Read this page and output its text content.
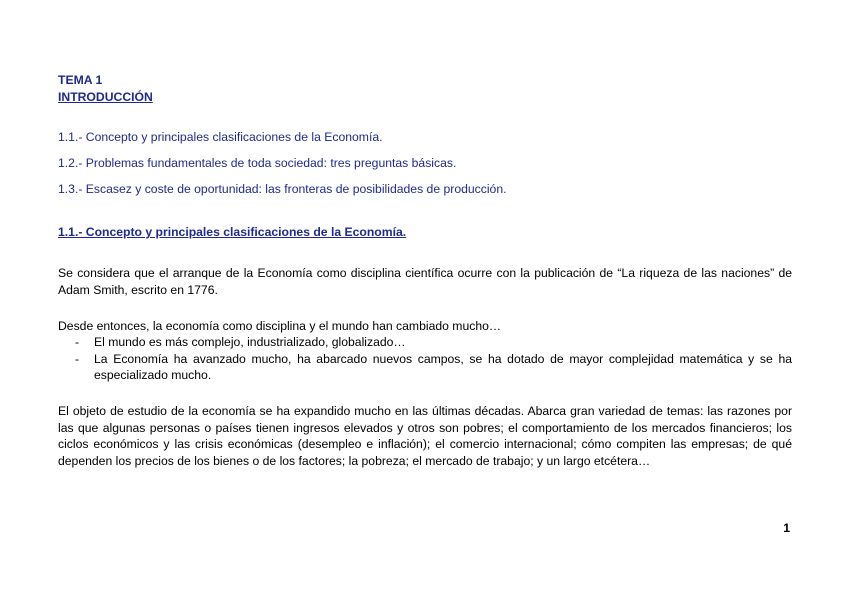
TEMA 1
INTRODUCCIÓN
1.1.- Concepto y principales clasificaciones de la Economía.
1.2.- Problemas fundamentales de toda sociedad: tres preguntas básicas.
1.3.- Escasez y coste de oportunidad: las fronteras de posibilidades de producción.
1.1.- Concepto y principales clasificaciones de la Economía.
Se considera que el arranque de la Economía como disciplina científica ocurre con la publicación de “La riqueza de las naciones” de Adam Smith, escrito en 1776.
Desde entonces, la economía como disciplina y el mundo han cambiado mucho…
- El mundo es más complejo, industrializado, globalizado…
- La Economía ha avanzado mucho, ha abarcado nuevos campos, se ha dotado de mayor complejidad matemática y se ha especializado mucho.
El objeto de estudio de la economía se ha expandido mucho en las últimas décadas. Abarca gran variedad de temas: las razones por las que algunas personas o países tienen ingresos elevados y otros son pobres; el comportamiento de los mercados financieros; los ciclos económicos y las crisis económicas (desempleo e inflación); el comercio internacional; cómo compiten las empresas; de qué dependen los precios de los bienes o de los factores; la pobreza; el mercado de trabajo; y un largo etcétera…
1
